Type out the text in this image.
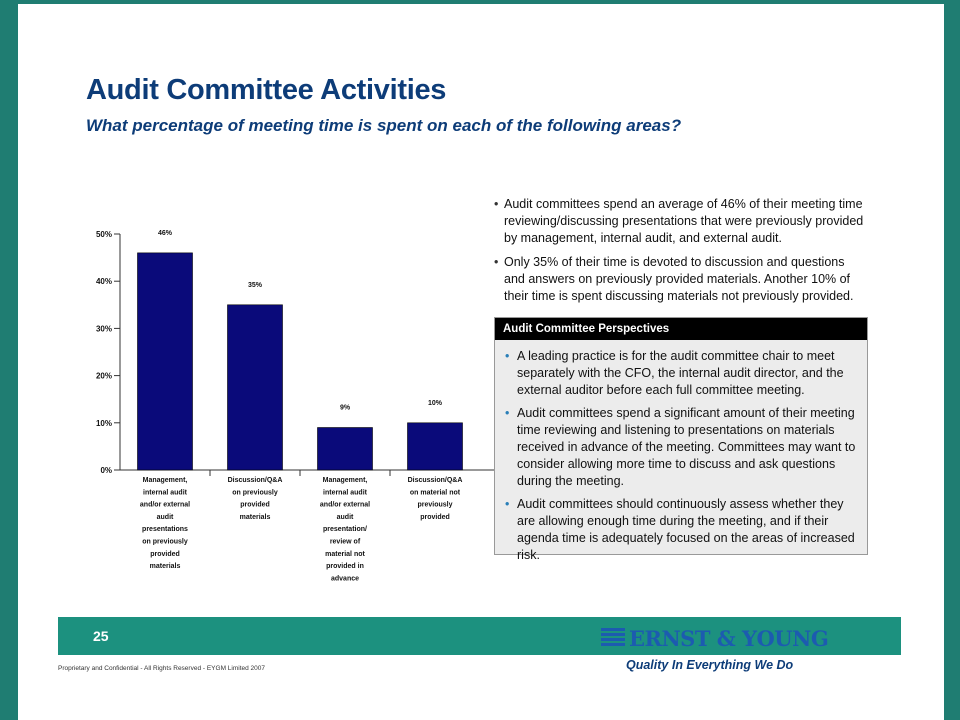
Audit Committee Activities
What percentage of meeting time is spent on each of the following areas?
0%
10%
20%
30%
40%
50%	46%
Management, internal audit and/or external audit presentations on previously provided materials
35%
Discussion/Q&A on previously provided materials
9%
Management, internal audit and/or external audit presentation/ review of material not provided in advance
10%
Discussion/Q&A on material not previously provided
• Audit committees spend an average of 46% of their meeting time reviewing/discussing presentations that were previously provided by management, internal audit, and external audit.
• Only 35% of their time is devoted to discussion and questions and answers on previously provided materials. Another 10% of their time is spent discussing materials not previously provided.
Audit Committee Perspectives
• A leading practice is for the audit committee chair to meet separately with the CFO, the internal audit director, and the external auditor before each full committee meeting.
• Audit committees spend a significant amount of their meeting time reviewing and listening to presentations on materials received in advance of the meeting. Committees may want to consider allowing more time to discuss and ask questions during the meeting.
• Audit committees should continuously assess whether they are allowing enough time during the meeting, and if their agenda time is adequately focused on the areas of increased risk.
25	ERNST & YOUNG
Quality In Everything We Do
Proprietary and Confidential - All Rights Reserved - EYGM Limited 2007
